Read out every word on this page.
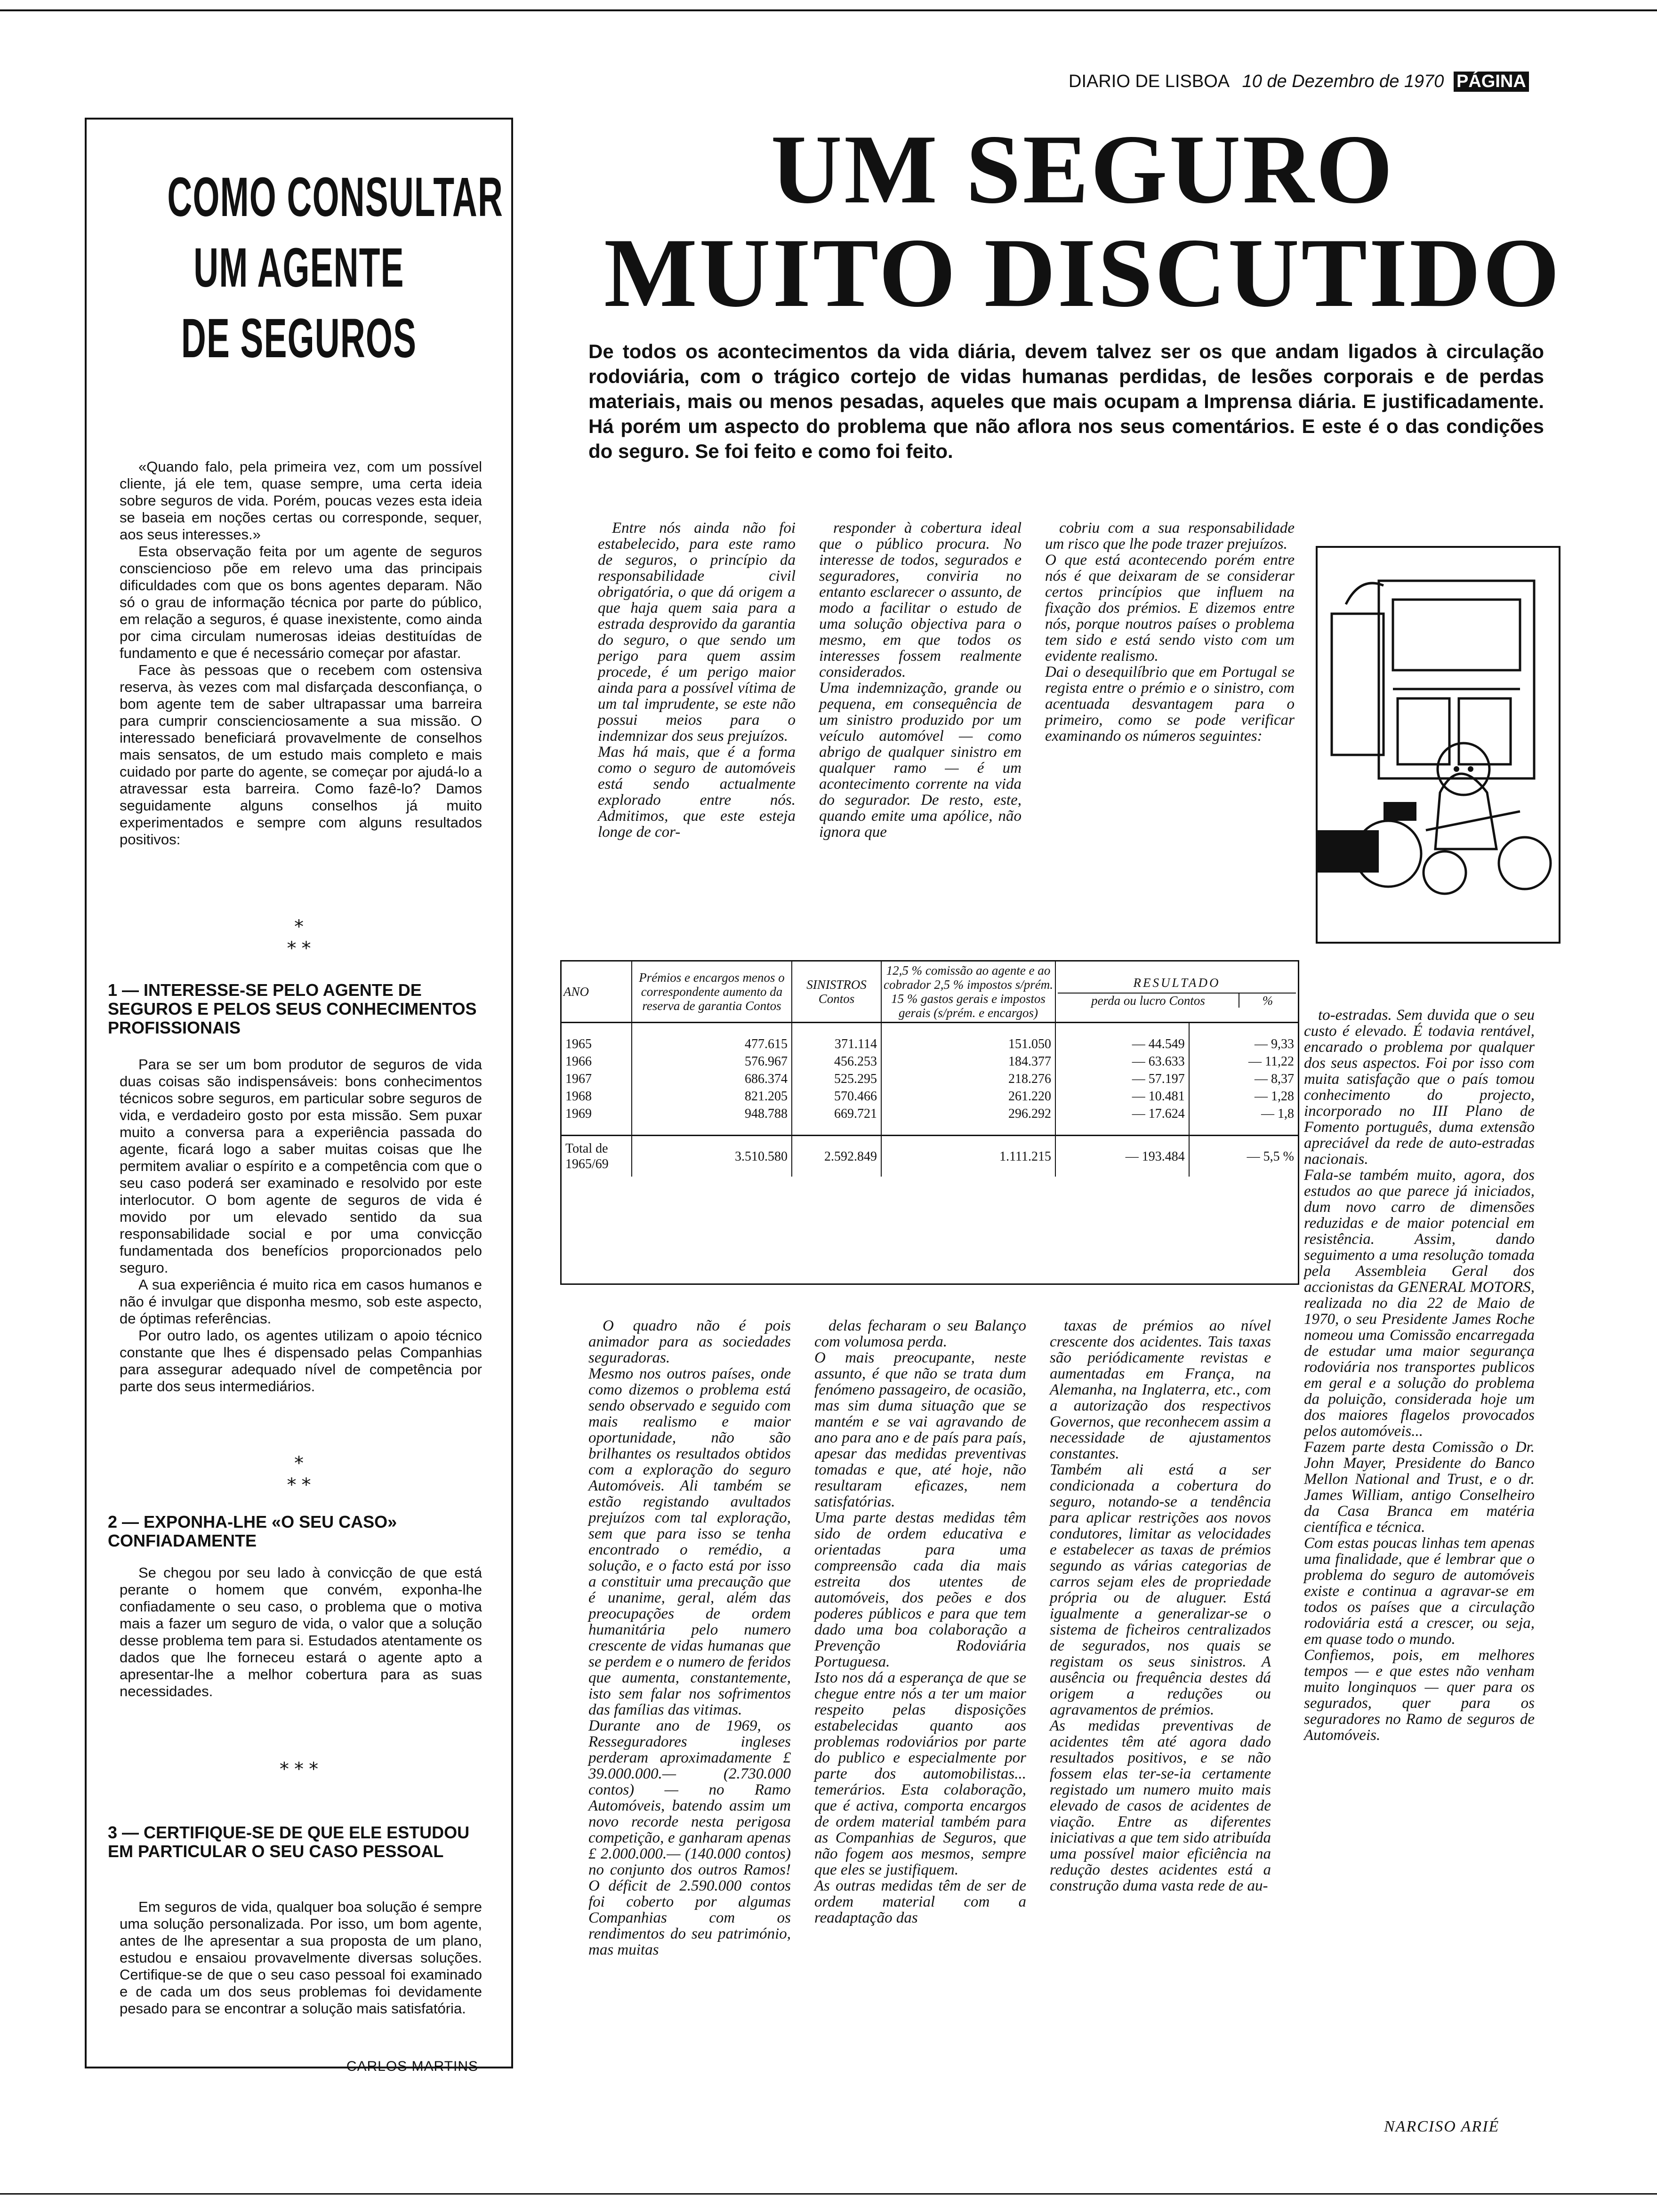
DIARIO DE LISBOA 10 de Dezembro de 1970 PÁGINA
COMO CONSULTAR
UM AGENTE
DE SEGUROS

«Quando falo, pela primeira vez, com um possível cliente, já ele tem, quase sempre, uma certa ideia sobre seguros de vida. Porém, poucas vezes esta ideia se baseia em noções certas ou corresponde, sequer, aos seus interesses.»

Esta observação feita por um agente de seguros consciencioso põe em relevo uma das principais dificuldades com que os bons agentes deparam. Não só o grau de informação técnica por parte do público, em relação a seguros, é quase inexistente, como ainda por cima circulam numerosas ideias destituídas de fundamento e que é necessário começar por afastar.

Face às pessoas que o recebem com ostensiva reserva, às vezes com mal disfarçada desconfiança, o bom agente tem de saber ultrapassar uma barreira para cumprir conscienciosamente a sua missão. O interessado beneficiará provavelmente de conselhos mais sensatos, de um estudo mais completo e mais cuidado por parte do agente, se começar por ajudá-lo a atravessar esta barreira. Como fazê-lo? Damos seguidamente alguns conselhos já muito experimentados e sempre com alguns resultados positivos:

⁎
⁎ ⁎
1 — INTERESSE-SE PELO AGENTE DE SEGUROS E PELOS SEUS CONHECIMENTOS PROFISSIONAIS

Para se ser um bom produtor de seguros de vida duas coisas são indispensáveis: bons conhecimentos técnicos sobre seguros, em particular sobre seguros de vida, e verdadeiro gosto por esta missão. Sem puxar muito a conversa para a experiência passada do agente, ficará logo a saber muitas coisas que lhe permitem avaliar o espírito e a competência com que o seu caso poderá ser examinado e resolvido por este interlocutor. O bom agente de seguros de vida é movido por um elevado sentido da sua responsabilidade social e por uma convicção fundamentada dos benefícios proporcionados pelo seguro.

A sua experiência é muito rica em casos humanos e não é invulgar que disponha mesmo, sob este aspecto, de óptimas referências.

Por outro lado, os agentes utilizam o apoio técnico constante que lhes é dispensado pelas Companhias para assegurar adequado nível de competência por parte dos seus intermediários.

⁎
⁎ ⁎
2 — EXPONHA-LHE «O SEU CASO» CONFIADAMENTE

Se chegou por seu lado à convicção de que está perante o homem que convém, exponha-lhe confiadamente o seu caso, o problema que o motiva mais a fazer um seguro de vida, o valor que a solução desse problema tem para si. Estudados atentamente os dados que lhe forneceu estará o agente apto a apresentar-lhe a melhor cobertura para as suas necessidades.

⁎ ⁎ ⁎
3 — CERTIFIQUE-SE DE QUE ELE ESTUDOU EM PARTICULAR O SEU CASO PESSOAL

Em seguros de vida, qualquer boa solução é sempre uma solução personalizada. Por isso, um bom agente, antes de lhe apresentar a sua proposta de um plano, estudou e ensaiou provavelmente diversas soluções. Certifique-se de que o seu caso pessoal foi examinado e de cada um dos seus problemas foi devidamente pesado para se encontrar a solução mais satisfatória.

CARLOS MARTINS
UM SEGURO
MUITO DISCUTIDO
De todos os acontecimentos da vida diária, devem talvez ser os que andam ligados à circulação rodoviária, com o trágico cortejo de vidas humanas perdidas, de lesões corporais e de perdas materiais, mais ou menos pesadas, aqueles que mais ocupam a Imprensa diária. E justificadamente. Há porém um aspecto do problema que não aflora nos seus comentários. E este é o das condições do seguro. Se foi feito e como foi feito.

Entre nós ainda não foi estabelecido, para este ramo de seguros, o princípio da responsabilidade civil obrigatória, o que dá origem a que haja quem saia para a estrada desprovido da garantia do seguro, o que sendo um perigo para quem assim procede, é um perigo maior ainda para a possível vítima de um tal imprudente, se este não possui meios para o indemnizar dos seus prejuízos.
Mas há mais, que é a forma como o seguro de automóveis está sendo actualmente explorado entre nós. Admitimos, que este esteja longe de cor-

responder à cobertura ideal que o público procura. No interesse de todos, segurados e seguradores, conviria no entanto esclarecer o assunto, de modo a facilitar o estudo de uma solução objectiva para o mesmo, em que todos os interesses fossem realmente considerados.
Uma indemnização, grande ou pequena, em consequência de um sinistro produzido por um veículo automóvel — como abrigo de qualquer sinistro em qualquer ramo — é um acontecimento corrente na vida do segurador. De resto, este, quando emite uma apólice, não ignora que

cobriu com a sua responsabilidade um risco que lhe pode trazer prejuízos.
O que está acontecendo porém entre nós é que deixaram de se considerar certos princípios que influem na fixação dos prémios. E dizemos entre nós, porque noutros países o problema tem sido e está sendo visto com um evidente realismo.
Dai o desequilíbrio que em Portugal se regista entre o prémio e o sinistro, com acentuada desvantagem para o primeiro, como se pode verificar examinando os números seguintes:

ANO	Prémios e encargos menos o correspondente aumento da reserva de garantia Contos	SINISTROS Contos	12,5 % comissão ao agente e ao cobrador 2,5 % impostos s/prém. 15 % gastos gerais e impostos gerais (s/prém. e encargos)	RESULTADO
perda ou lucro Contos %	

1965	477.615	371.114	151.050	— 44.549	— 9,33
1966	576.967	456.253	184.377	— 63.633	— 11,22
1967	686.374	525.295	218.276	— 57.197	— 8,37
1968	821.205	570.466	261.220	— 10.481	— 1,28
1969	948.788	669.721	296.292	— 17.624	— 1,8
Total de 1965/69	3.510.580	2.592.849	1.111.215	— 193.484	— 5,5 %

O quadro não é pois animador para as sociedades seguradoras.
Mesmo nos outros países, onde como dizemos o problema está sendo observado e seguido com mais realismo e maior oportunidade, não são brilhantes os resultados obtidos com a exploração do seguro Automóveis. Ali também se estão registando avultados prejuízos com tal exploração, sem que para isso se tenha encontrado o remédio, a solução, e o facto está por isso a constituir uma precaução que é unanime, geral, além das preocupações de ordem humanitária pelo numero crescente de vidas humanas que se perdem e o numero de feridos que aumenta, constantemente, isto sem falar nos sofrimentos das famílias das vitimas.
Durante ano de 1969, os Resseguradores ingleses perderam aproximadamente £ 39.000.000.— (2.730.000 contos) — no Ramo Automóveis, batendo assim um novo recorde nesta perigosa competição, e ganharam apenas £ 2.000.000.— (140.000 contos) no conjunto dos outros Ramos! O déficit de 2.590.000 contos foi coberto por algumas Companhias com os rendimentos do seu património, mas muitas

delas fecharam o seu Balanço com volumosa perda.
O mais preocupante, neste assunto, é que não se trata dum fenómeno passageiro, de ocasião, mas sim duma situação que se mantém e se vai agravando de ano para ano e de país para país, apesar das medidas preventivas tomadas e que, até hoje, não resultaram eficazes, nem satisfatórias.
Uma parte destas medidas têm sido de ordem educativa e orientadas para uma compreensão cada dia mais estreita dos utentes de automóveis, dos peões e dos poderes públicos e para que tem dado uma boa colaboração a Prevenção Rodoviária Portuguesa.
Isto nos dá a esperança de que se chegue entre nós a ter um maior respeito pelas disposições estabelecidas quanto aos problemas rodoviários por parte do publico e especialmente por parte dos automobilistas... temerários. Esta colaboração, que é activa, comporta encargos de ordem material também para as Companhias de Seguros, que não fogem aos mesmos, sempre que eles se justifiquem.
As outras medidas têm de ser de ordem material com a readaptação das

taxas de prémios ao nível crescente dos acidentes. Tais taxas são periódicamente revistas e aumentadas em França, na Alemanha, na Inglaterra, etc., com a autorização dos respectivos Governos, que reconhecem assim a necessidade de ajustamentos constantes.
Também ali está a ser condicionada a cobertura do seguro, notando-se a tendência para aplicar restrições aos novos condutores, limitar as velocidades e estabelecer as taxas de prémios segundo as várias categorias de carros sejam eles de propriedade própria ou de aluguer. Está igualmente a generalizar-se o sistema de ficheiros centralizados de segurados, nos quais se registam os seus sinistros. A ausência ou frequência destes dá origem a reduções ou agravamentos de prémios.
As medidas preventivas de acidentes têm até agora dado resultados positivos, e se não fossem elas ter-se-ia certamente registado um numero muito mais elevado de casos de acidentes de viação. Entre as diferentes iniciativas a que tem sido atribuída uma possível maior eficiência na redução destes acidentes está a construção duma vasta rede de au-

to-estradas. Sem duvida que o seu custo é elevado. É todavia rentável, encarado o problema por qualquer dos seus aspectos. Foi por isso com muita satisfação que o país tomou conhecimento do projecto, incorporado no III Plano de Fomento português, duma extensão apreciável da rede de auto-estradas nacionais.
Fala-se também muito, agora, dos estudos ao que parece já iniciados, dum novo carro de dimensões reduzidas e de maior potencial em resistência. Assim, dando seguimento a uma resolução tomada pela Assembleia Geral dos accionistas da GENERAL MOTORS, realizada no dia 22 de Maio de 1970, o seu Presidente James Roche nomeou uma Comissão encarregada de estudar uma maior segurança rodoviária nos transportes publicos em geral e a solução do problema da poluição, considerada hoje um dos maiores flagelos provocados pelos automóveis...
Fazem parte desta Comissão o Dr. John Mayer, Presidente do Banco Mellon National and Trust, e o dr. James William, antigo Conselheiro da Casa Branca em matéria científica e técnica.
Com estas poucas linhas tem apenas uma finalidade, que é lembrar que o problema do seguro de automóveis existe e continua a agravar-se em todos os países que a circulação rodoviária está a crescer, ou seja, em quase todo o mundo.
Confiemos, pois, em melhores tempos — e que estes não venham muito longinquos — quer para os segurados, quer para os seguradores no Ramo de seguros de Automóveis.

NARCISO ARIÉ
